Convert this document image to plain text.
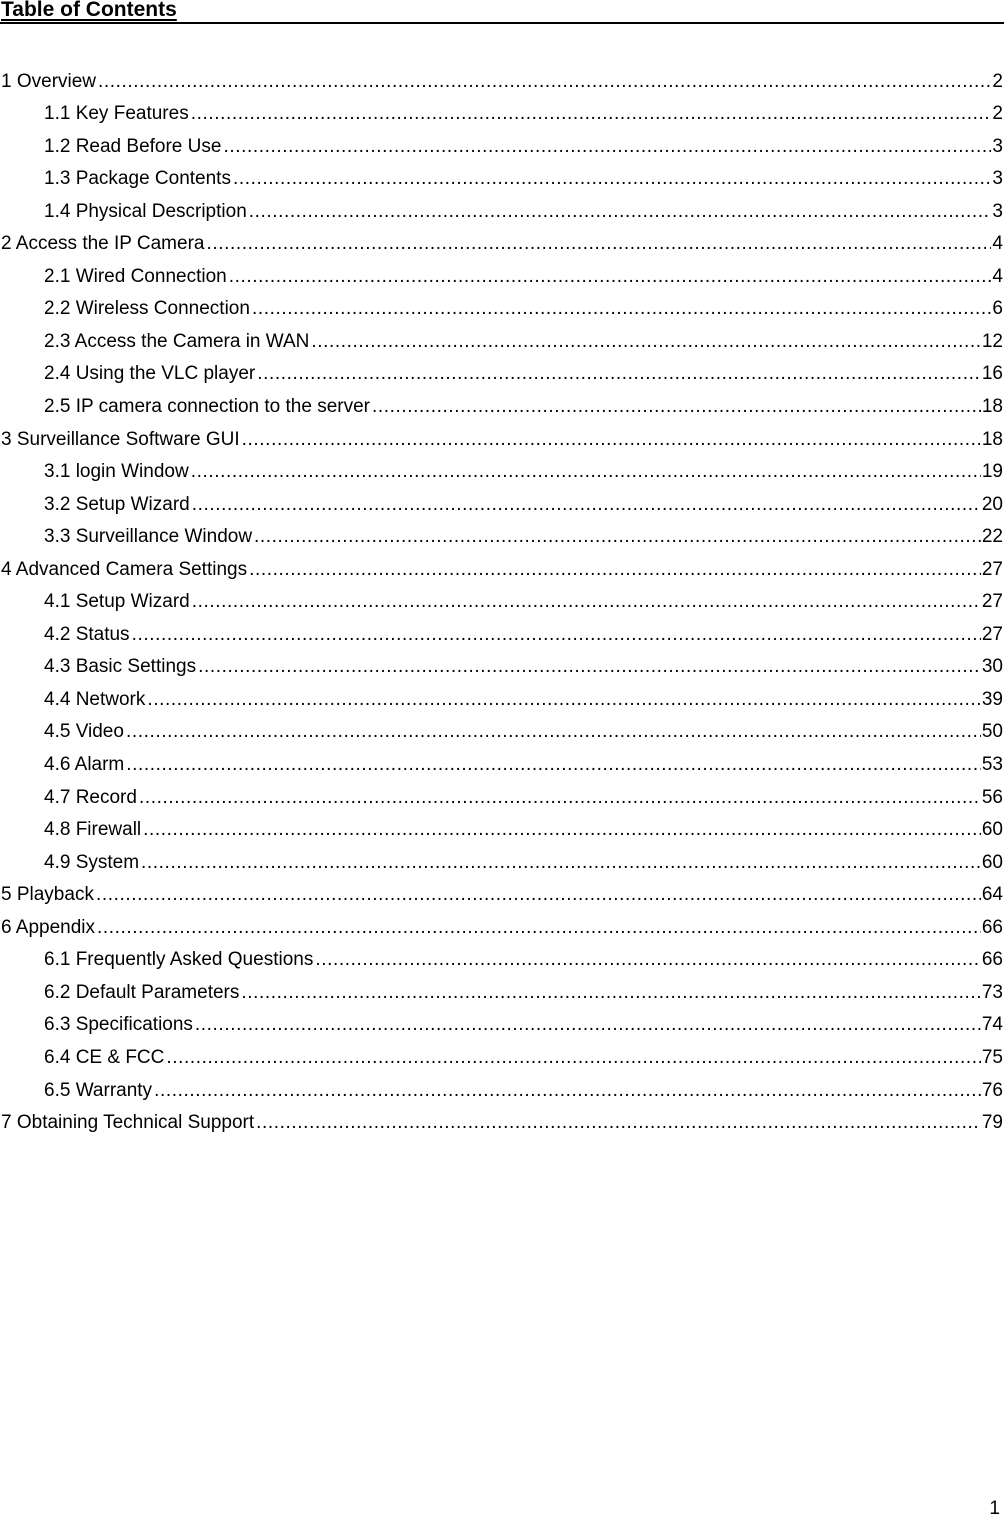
Table of Contents
1 Overview .....	2
1.1 Key Features .....	2
1.2 Read Before Use .....	3
1.3 Package Contents .....	3
1.4 Physical Description .....	3
2 Access the IP Camera .....	4
2.1 Wired Connection .....	4
2.2 Wireless Connection .....	6
2.3 Access the Camera in WAN .....	12
2.4 Using the VLC player .....	16
2.5 IP camera connection to the server .....	18
3 Surveillance Software GUI .....	18
3.1 login Window .....	19
3.2 Setup Wizard .....	20
3.3 Surveillance Window .....	22
4 Advanced Camera Settings .....	27
4.1 Setup Wizard .....	27
4.2 Status .....	27
4.3 Basic Settings .....	30
4.4 Network .....	39
4.5 Video .....	50
4.6 Alarm .....	53
4.7 Record .....	56
4.8 Firewall .....	60
4.9 System .....	60
5 Playback .....	64
6 Appendix .....	66
6.1 Frequently Asked Questions .....	66
6.2 Default Parameters .....	73
6.3 Specifications .....	74
6.4 CE & FCC .....	75
6.5 Warranty .....	76
7 Obtaining Technical Support .....	79
1
